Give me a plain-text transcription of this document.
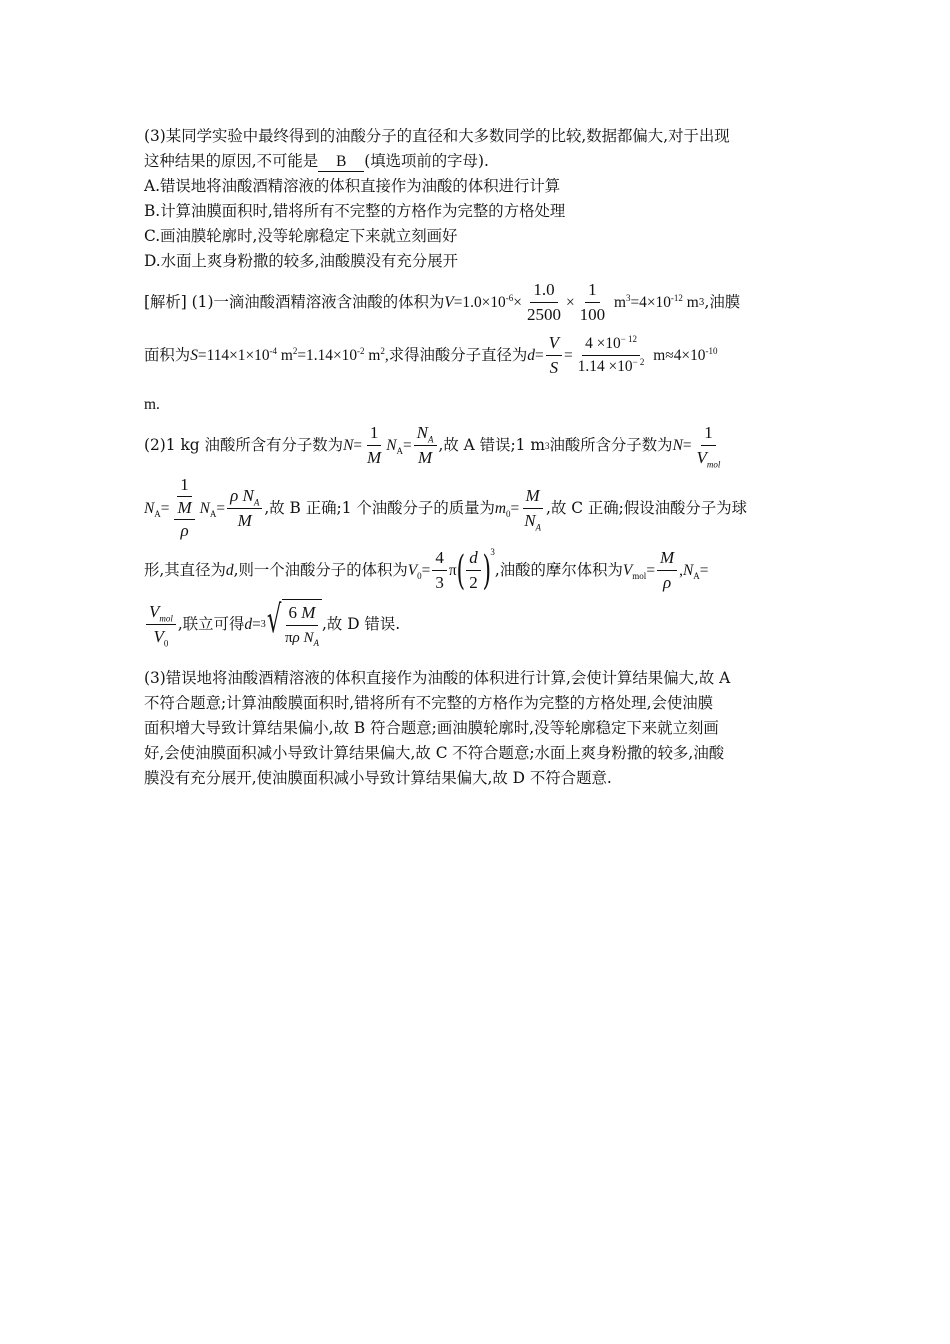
(3)某同学实验中最终得到的油酸分子的直径和大多数同学的比较,数据都偏大,对于出现
这种结果的原因,不可能是 B (填选项前的字母).
A.错误地将油酸酒精溶液的体积直接作为油酸的体积进行计算
B.计算油膜面积时,错将所有不完整的方格作为完整的方格处理
C.画油膜轮廓时,没等轮廓稳定下来就立刻画好
D.水面上爽身粉撒的较多,油酸膜没有充分展开
[解析] (1)一滴油酸酒精溶液含油酸的体积为 $V=1.0\times 10^{-6}\times \frac{1.0}{2500} \times \frac{1}{100} m^3=4\times 10^{-12}$ m 3 ,油膜
面积为 $S=114\times 1\times 10^{-4}$ $m^2=1.14\times 10^{-2}$ $m^2$, 求得油酸分子直径为 $d= \frac{V}{S} = \frac{4 \times 10^{- 12}}{1.14 \times 10^{- 2}} m\approx 4\times 10^{-10}$
m.
(2)1 kg 油酸所含有分子数为 $N= \frac{1}{M} N_A= \frac{N_A}{M}$ ,故 A 错误;1 m 3 油酸所含分子数为 $N= \frac{1}{V_{mol}}$
$N_A= \frac{1}{\frac{M}{\rho}} N_A= \frac{\rho N_A}{M}$ ,故 B 正确;1 个油酸分子的质量为 $m_0= \frac{M}{N_A}$ ,故 C 正确;假设油酸分子为球
形,其直径为 d ,则一个油酸分子的体积为 $V_0= \frac{4}{3}$ π ( $\frac{d}{2}$ ) 3
,油酸的摩尔体积为 $V_{mol}= \frac{M}{\rho} ,N_A=$
$\frac{V_{mol}}{V_0}$ ,联立可得 d= 3 √ $\frac{6 M}{\pi\rho N_A}$ ,故 D 错误.
(3)错误地将油酸酒精溶液的体积直接作为油酸的体积进行计算,会使计算结果偏大,故 A
不符合题意;计算油酸膜面积时,错将所有不完整的方格作为完整的方格处理,会使油膜
面积增大导致计算结果偏小,故 B 符合题意;画油膜轮廓时,没等轮廓稳定下来就立刻画
好,会使油膜面积减小导致计算结果偏大,故 C 不符合题意;水面上爽身粉撒的较多,油酸
膜没有充分展开,使油膜面积减小导致计算结果偏大,故 D 不符合题意.
